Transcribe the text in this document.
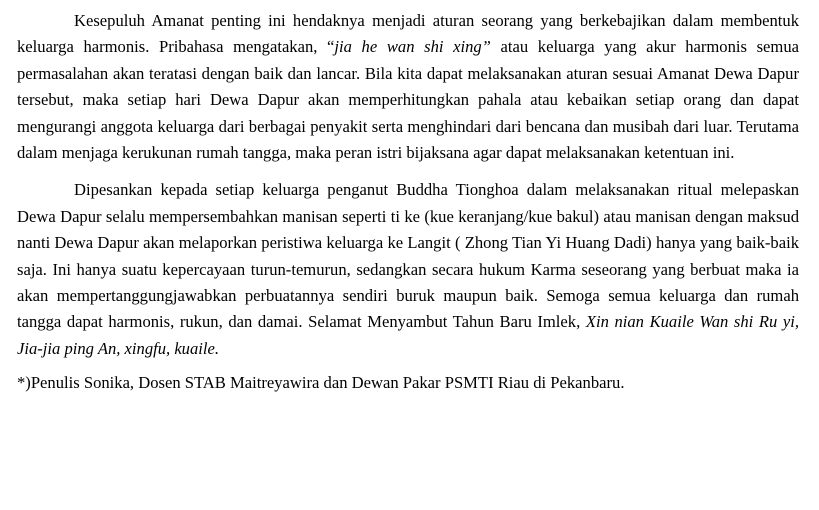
Kesepuluh Amanat penting ini hendaknya menjadi aturan seorang yang berkebajikan dalam membentuk keluarga harmonis. Pribahasa mengatakan, “jia he wan shi xing” atau keluarga yang akur harmonis semua permasalahan akan teratasi dengan baik dan lancar. Bila kita dapat melaksanakan aturan sesuai Amanat Dewa Dapur tersebut, maka setiap hari Dewa Dapur akan memperhitungkan pahala atau kebaikan setiap orang dan dapat mengurangi anggota keluarga dari berbagai penyakit serta menghindari dari bencana dan musibah dari luar. Terutama dalam menjaga kerukunan rumah tangga, maka peran istri bijaksana agar dapat melaksanakan ketentuan ini.

Dipesankan kepada setiap keluarga penganut Buddha Tionghoa dalam melaksanakan ritual melepaskan Dewa Dapur selalu mempersembahkan manisan seperti ti ke (kue keranjang/kue bakul) atau manisan dengan maksud nanti Dewa Dapur akan melaporkan peristiwa keluarga ke Langit ( Zhong Tian Yi Huang Dadi) hanya yang baik-baik saja. Ini hanya suatu kepercayaan turun-temurun, sedangkan secara hukum Karma seseorang yang berbuat maka ia akan mempertanggungjawabkan perbuatannya sendiri buruk maupun baik. Semoga semua keluarga dan rumah tangga dapat harmonis, rukun, dan damai. Selamat Menyambut Tahun Baru Imlek, Xin nian Kuaile Wan shi Ru yi, Jia-jia ping An, xingfu, kuaile.

*)Penulis Sonika, Dosen STAB Maitreyawira dan Dewan Pakar PSMTI Riau di Pekanbaru.
